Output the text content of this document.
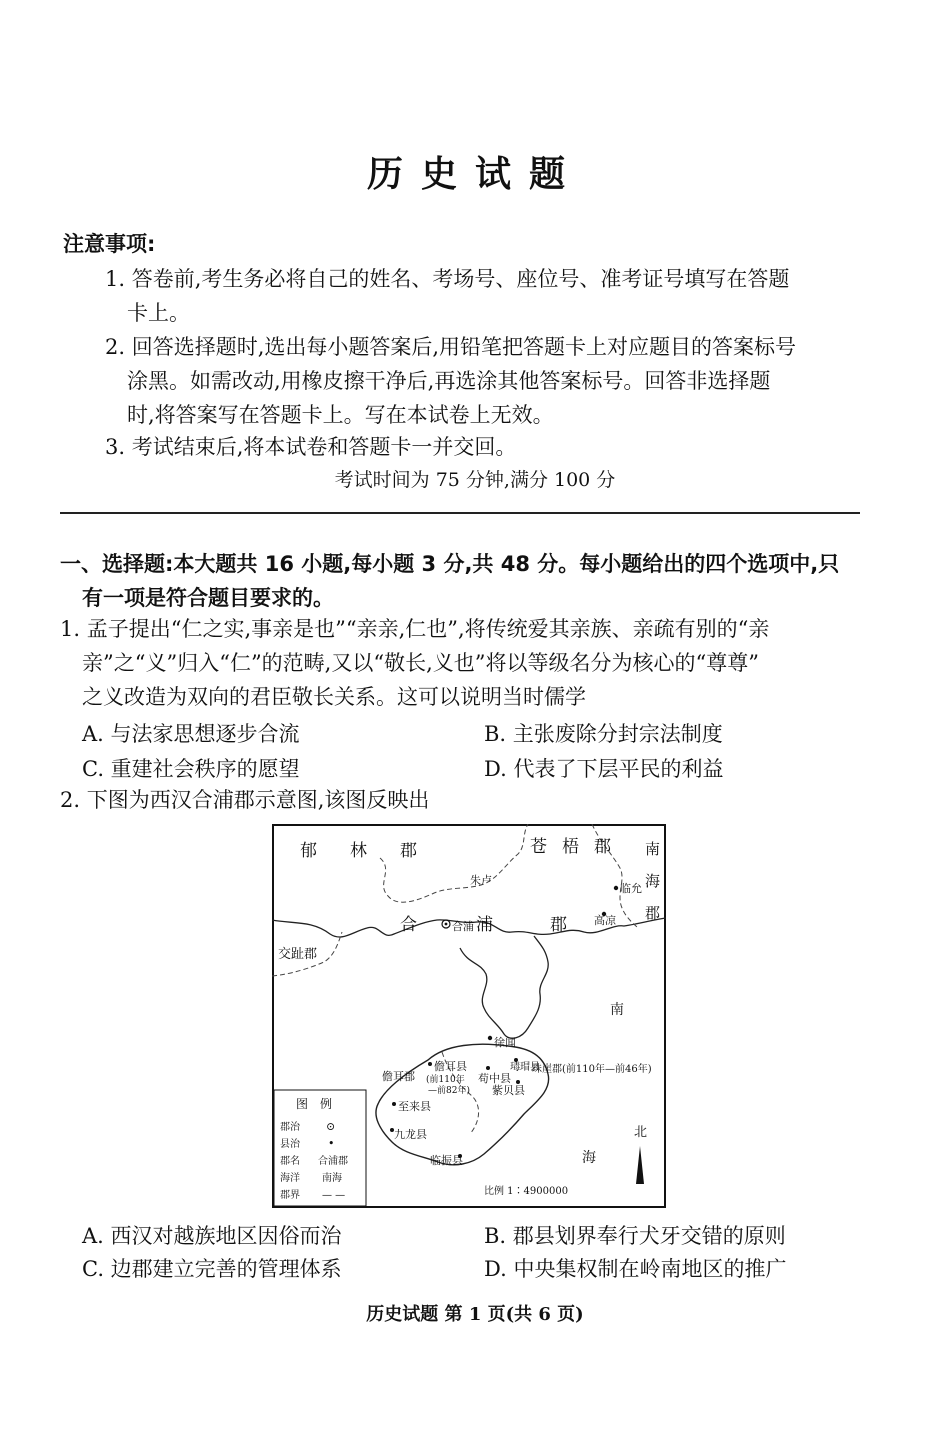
历史试题
注意事项:
1. 答卷前,考生务必将自己的姓名、考场号、座位号、准考证号填写在答题
卡上。
2. 回答选择题时,选出每小题答案后,用铅笔把答题卡上对应题目的答案标号
涂黑。如需改动,用橡皮擦干净后,再选涂其他答案标号。回答非选择题
时,将答案写在答题卡上。写在本试卷上无效。
3. 考试结束后,将本试卷和答题卡一并交回。
考试时间为 75 分钟,满分 100 分
一、选择题:本大题共 16 小题,每小题 3 分,共 48 分。每小题给出的四个选项中,只
有一项是符合题目要求的。
1. 孟子提出“仁之实,事亲是也”“亲亲,仁也”,将传统爱其亲族、亲疏有别的“亲
亲”之“义”归入“仁”的范畴,又以“敬长,义也”将以等级名分为核心的“尊尊”
之义改造为双向的君臣敬长关系。这可以说明当时儒学
A. 与法家思想逐步合流	B. 主张废除分封宗法制度
C. 重建社会秩序的愿望	D. 代表了下层平民的利益
2. 下图为西汉合浦郡示意图,该图反映出
郁 林 郡	苍 梧 郡 南
海
郡
合	浦	郡
交趾郡
朱卢
临允
高凉
合浦
徐闻
南
海
儋耳县
儋耳郡 (前110年
—前82年)
瑇瑁县
珠崖郡(前110年—前46年)
苟中县
紫贝县
至来县
九龙县
临振县
北
比例 1∶4900000
图　例
郡治 ⊙
县治	•
郡名 合浦郡
海洋 南海
郡界 — —
A. 西汉对越族地区因俗而治	B. 郡县划界奉行犬牙交错的原则
C. 边郡建立完善的管理体系	D. 中央集权制在岭南地区的推广
历史试题 第 1 页(共 6 页)
